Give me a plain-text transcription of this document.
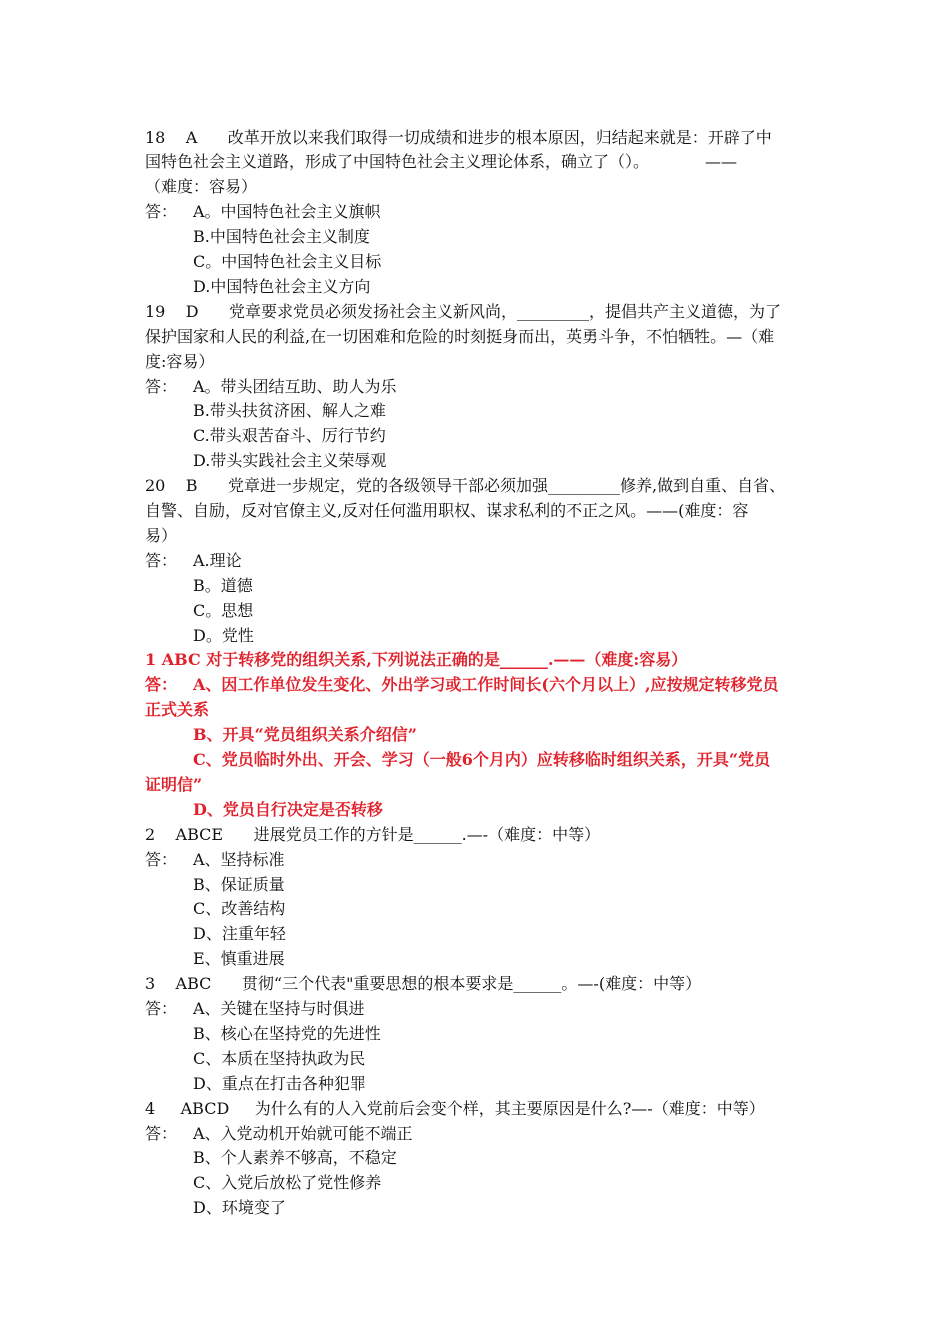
18    A      改革开放以来我们取得一切成绩和进步的根本原因，归结起来就是：开辟了中
国特色社会主义道路，形成了中国特色社会主义理论体系，确立了（）。           ——
（难度：容易）
答： A。中国特色社会主义旗帜
B.中国特色社会主义制度
C。中国特色社会主义目标
D.中国特色社会主义方向
19    D      党章要求党员必须发扬社会主义新风尚，_________，提倡共产主义道德，为了
保护国家和人民的利益,在一切困难和危险的时刻挺身而出，英勇斗争，不怕牺牲。—（难
度:容易）
答： A。带头团结互助、助人为乐
B.带头扶贫济困、解人之难
C.带头艰苦奋斗、厉行节约
D.带头实践社会主义荣辱观
20    B      党章进一步规定，党的各级领导干部必须加强_________修养,做到自重、自省、
自警、自励，反对官僚主义,反对任何滥用职权、谋求私利的不正之风。——(难度：容
易）
答： A.理论
B。道德
C。思想
D。党性
1 ABC 对于转移党的组织关系,下列说法正确的是______.——（难度:容易）
答： A、因工作单位发生变化、外出学习或工作时间长(六个月以上）,应按规定转移党员
正式关系
B、开具“党员组织关系介绍信”
C、党员临时外出、开会、学习（一般6个月内）应转移临时组织关系，开具“党员
证明信”
D、党员自行决定是否转移
2    ABCE      进展党员工作的方针是______.—-（难度：中等）
答： A、坚持标准
B、保证质量
C、改善结构
D、注重年轻
E、慎重进展
3    ABC      贯彻“三个代表"重要思想的根本要求是______。—-(难度：中等）
答： A、关键在坚持与时俱进
B、核心在坚持党的先进性
C、本质在坚持执政为民
D、重点在打击各种犯罪
4     ABCD     为什么有的人入党前后会变个样，其主要原因是什么?—-（难度：中等）
答： A、入党动机开始就可能不端正
B、个人素养不够高，不稳定
C、入党后放松了党性修养
D、环境变了
